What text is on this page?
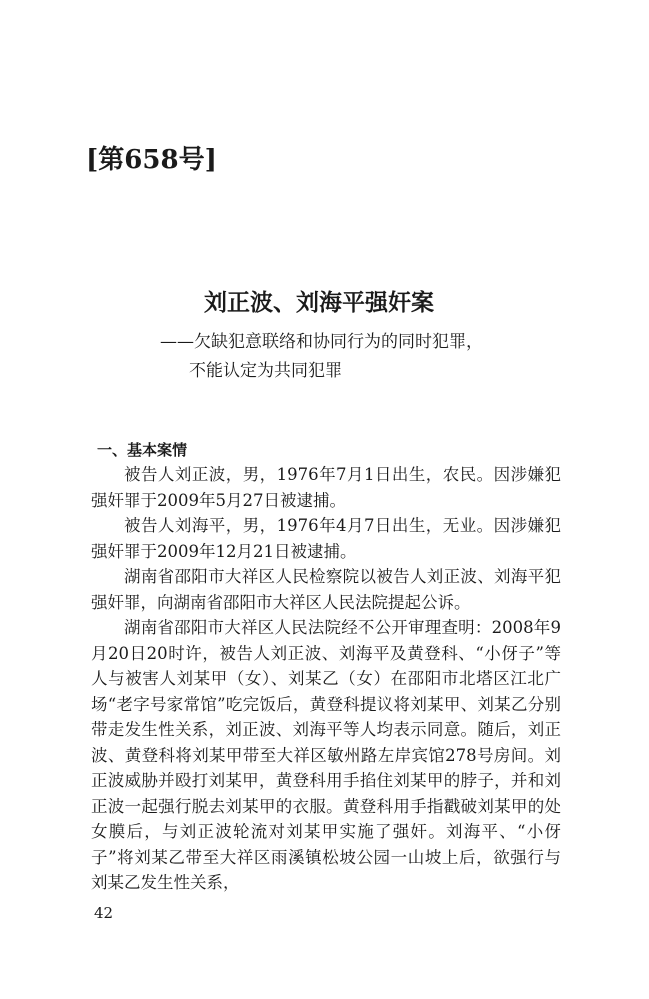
[第658号]
刘正波、刘海平强奸案
——欠缺犯意联络和协同行为的同时犯罪，
不能认定为共同犯罪
一、基本案情

被告人刘正波，男，1976年7月1日出生，农民。因涉嫌犯强奸罪于2009年5月27日被逮捕。

被告人刘海平，男，1976年4月7日出生，无业。因涉嫌犯强奸罪于2009年12月21日被逮捕。

湖南省邵阳市大祥区人民检察院以被告人刘正波、刘海平犯强奸罪，向湖南省邵阳市大祥区人民法院提起公诉。

湖南省邵阳市大祥区人民法院经不公开审理查明：2008年9月20日20时许，被告人刘正波、刘海平及黄登科、“小伢子”等人与被害人刘某甲（女）、刘某乙（女）在邵阳市北塔区江北广场“老字号家常馆”吃完饭后，黄登科提议将刘某甲、刘某乙分别带走发生性关系，刘正波、刘海平等人均表示同意。随后，刘正波、黄登科将刘某甲带至大祥区敏州路左岸宾馆278号房间。刘正波威胁并殴打刘某甲，黄登科用手掐住刘某甲的脖子，并和刘正波一起强行脱去刘某甲的衣服。黄登科用手指戳破刘某甲的处女膜后，与刘正波轮流对刘某甲实施了强奸。刘海平、“小伢子”将刘某乙带至大祥区雨溪镇松坡公园一山坡上后，欲强行与刘某乙发生性关系，

42
